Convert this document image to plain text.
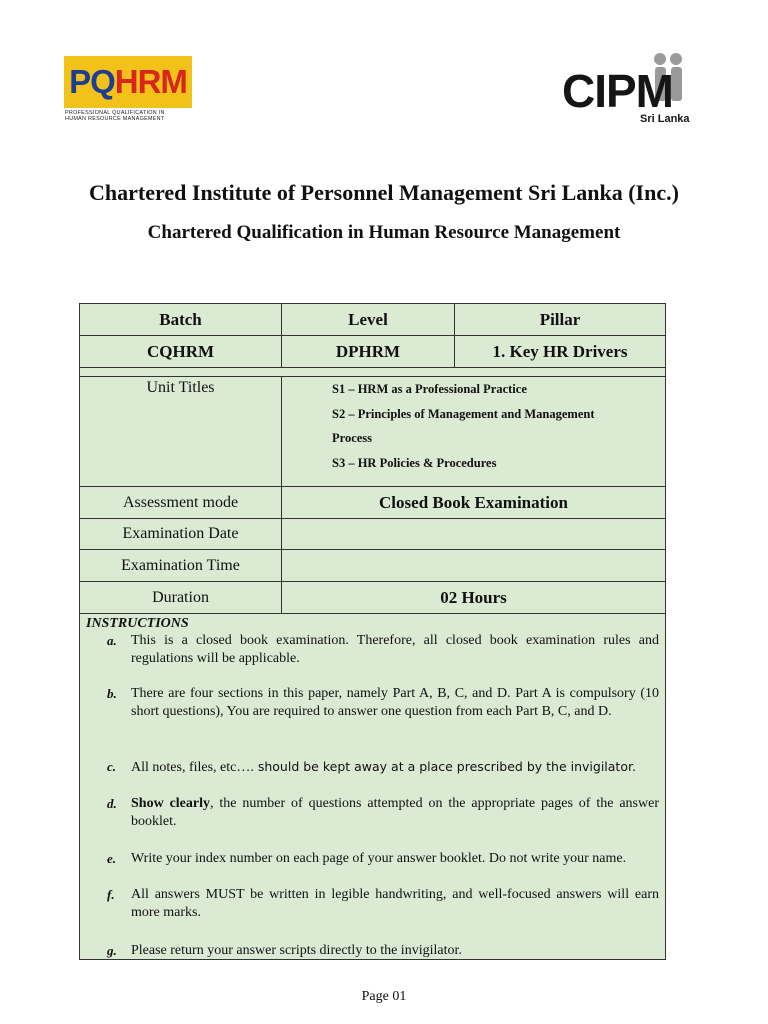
PQHRM
PROFESSIONAL QUALIFICATION IN
HUMAN RESOURCE MANAGEMENT
CIPM
Sri Lanka
Chartered Institute of Personnel Management Sri Lanka (Inc.)
Chartered Qualification in Human Resource Management
Batch	Level	Pillar
CQHRM	DPHRM	1. Key HR Drivers
Unit Titles	S1 – HRM as a Professional Practice
S2 – Principles of Management and Management
Process
S3 – HR Policies & Procedures
Assessment mode	Closed Book Examination
Examination Date
Examination Time
Duration	02 Hours
INSTRUCTIONS
a. This is a closed book examination. Therefore, all closed book examination rules and regulations will be applicable.
b. There are four sections in this paper, namely Part A, B, C, and D. Part A is compulsory (10 short questions), You are required to answer one question from each Part B, C, and D.
c. All notes, files, etc…. should be kept away at a place prescribed by the invigilator.
d. Show clearly, the number of questions attempted on the appropriate pages of the answer booklet.
e. Write your index number on each page of your answer booklet. Do not write your name.
f. All answers MUST be written in legible handwriting, and well-focused answers will earn more marks.
g. Please return your answer scripts directly to the invigilator.
Page 01
